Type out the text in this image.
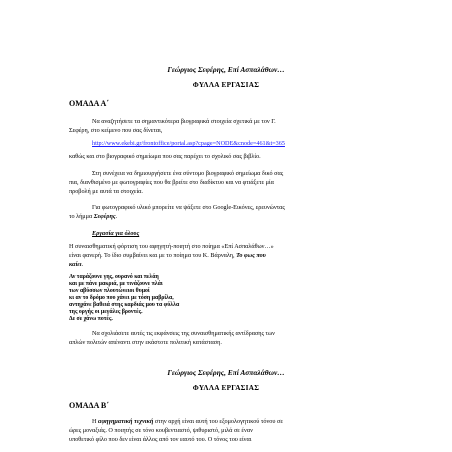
Γεώργιος Σεφέρης, Επί Ασπαλάθων…
ΦΥΛΛΑ ΕΡΓΑΣΙΑΣ
ΟΜΑΔΑ Α΄
Να αναζητήσετε τα σημαντικότερα βιογραφικά στοιχεία σχετικά με τον Γ.
Σεφέρη, στο κείμενο που σας δίνεται,
http://www.ekebi.gr/frontoffice/portal.asp?cpage=NODE&cnode=461&t=365
καθώς και στο βιογραφικό σημείωμα που σας παρέχει το σχολικό σας βιβλίο.
Στη συνέχεια να δημιουργήσετε ένα σύντομο βιογραφικό σημείωμα δικό σας
πια, διανθισμένο με φωτογραφίες που θα βρείτε στο διαδίκτυο και να φτιάξετε μία
προβολή με αυτά τα στοιχεία.
Για φωτογραφικό υλικό μπορείτε να ψάξετε στο Google-Εικόνες, ερευνώντας
το λήμμα Σεφέρης.
Εργασία για όλους
Η συναισθηματική φόρτιση του αφηγητή-ποιητή στο ποίημα «Επί Ασπαλάθων…»
είναι φανερή. Το ίδιο συμβαίνει και με το ποίημα του Κ. Βάρναλη, Το φως που
καίει.
Αν ταράζουνε γης, ουρανό και πελάη
και με πάνε μακριά, με τινάζουνε πλάι
των αβύσσων πλουτώνειοι θυμοί
κι αν το δρόμο που χάνει με τόση μαβρίλα,
αντηχάνε βαθειά στης καρδιάς μου τα φύλλα
της οργής οι μεγάλες βροντές.
Δε σε χάνω ποτές.
Να σχολιάσετε αυτές τις εκφάνσεις της συναισθηματικής αντίδρασης των
απλών πολιτών απέναντι στην εκάστοτε πολιτική κατάσταση.
Γεώργιος Σεφέρης, Επί Ασπαλάθων…
ΦΥΛΛΑ ΕΡΓΑΣΙΑΣ
ΟΜΑΔΑ Β΄
Η αφηγηματική τεχνική στην αρχή είναι αυτή του εξομολογητικού τόνου σε
ώρες μοναξιάς. Ο ποιητής σε τόνο κουβεντιαστό, ψιθυριστό, μιλά σε έναν
υποθετικό φίλο που δεν είναι άλλος από τον εαυτό του. Ο τόνος του είναι
